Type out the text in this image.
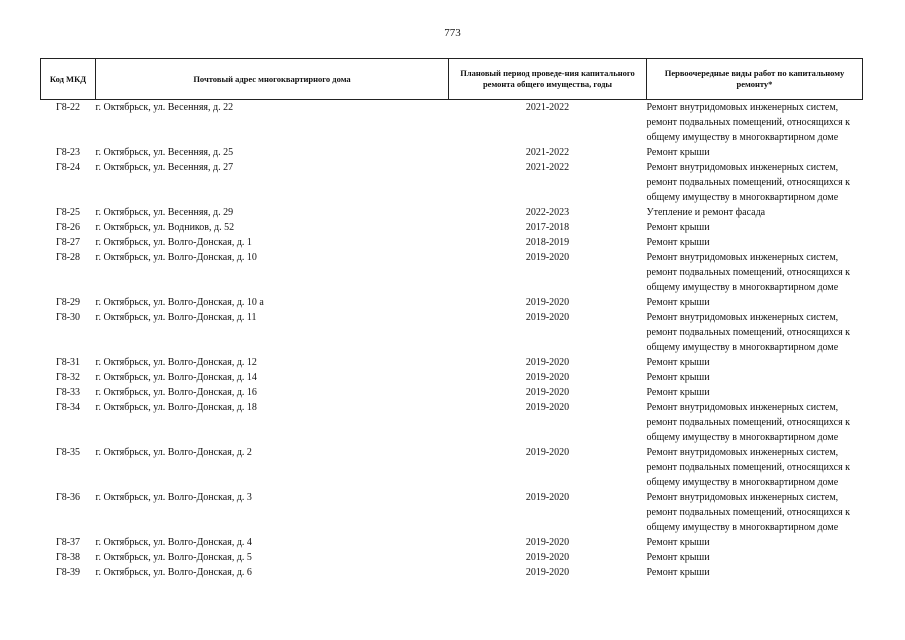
773
Код МКД	Почтовый адрес многоквартирного дома	Плановый период проведе-ния капитального ремонта общего имущества, годы	Первоочередные виды работ по капитальному ремонту*
Г8-22	г. Октябрьск, ул. Весенняя, д. 22	2021-2022	Ремонт внутридомовых инженерных систем,
ремонт подвальных помещений, относящихся к
общему имуществу в многоквартирном доме

Г8-23	г. Октябрьск, ул. Весенняя, д. 25	2021-2022	Ремонт крыши

Г8-24	г. Октябрьск, ул. Весенняя, д. 27	2021-2022	Ремонт внутридомовых инженерных систем,
ремонт подвальных помещений, относящихся к
общему имуществу в многоквартирном доме

Г8-25	г. Октябрьск, ул. Весенняя, д. 29	2022-2023	Утепление и ремонт фасада

Г8-26	г. Октябрьск, ул. Водников, д. 52	2017-2018	Ремонт крыши

Г8-27	г. Октябрьск, ул. Волго-Донская, д. 1	2018-2019	Ремонт крыши

Г8-28	г. Октябрьск, ул. Волго-Донская, д. 10	2019-2020	Ремонт внутридомовых инженерных систем,
ремонт подвальных помещений, относящихся к
общему имуществу в многоквартирном доме

Г8-29	г. Октябрьск, ул. Волго-Донская, д. 10 а	2019-2020	Ремонт крыши

Г8-30	г. Октябрьск, ул. Волго-Донская, д. 11	2019-2020	Ремонт внутридомовых инженерных систем,
ремонт подвальных помещений, относящихся к
общему имуществу в многоквартирном доме

Г8-31	г. Октябрьск, ул. Волго-Донская, д. 12	2019-2020	Ремонт крыши

Г8-32	г. Октябрьск, ул. Волго-Донская, д. 14	2019-2020	Ремонт крыши

Г8-33	г. Октябрьск, ул. Волго-Донская, д. 16	2019-2020	Ремонт крыши

Г8-34	г. Октябрьск, ул. Волго-Донская, д. 18	2019-2020	Ремонт внутридомовых инженерных систем,
ремонт подвальных помещений, относящихся к
общему имуществу в многоквартирном доме

Г8-35	г. Октябрьск, ул. Волго-Донская, д. 2	2019-2020	Ремонт внутридомовых инженерных систем,
ремонт подвальных помещений, относящихся к
общему имуществу в многоквартирном доме

Г8-36	г. Октябрьск, ул. Волго-Донская, д. 3	2019-2020	Ремонт внутридомовых инженерных систем,
ремонт подвальных помещений, относящихся к
общему имуществу в многоквартирном доме

Г8-37	г. Октябрьск, ул. Волго-Донская, д. 4	2019-2020	Ремонт крыши

Г8-38	г. Октябрьск, ул. Волго-Донская, д. 5	2019-2020	Ремонт крыши

Г8-39	г. Октябрьск, ул. Волго-Донская, д. 6	2019-2020	Ремонт крыши
